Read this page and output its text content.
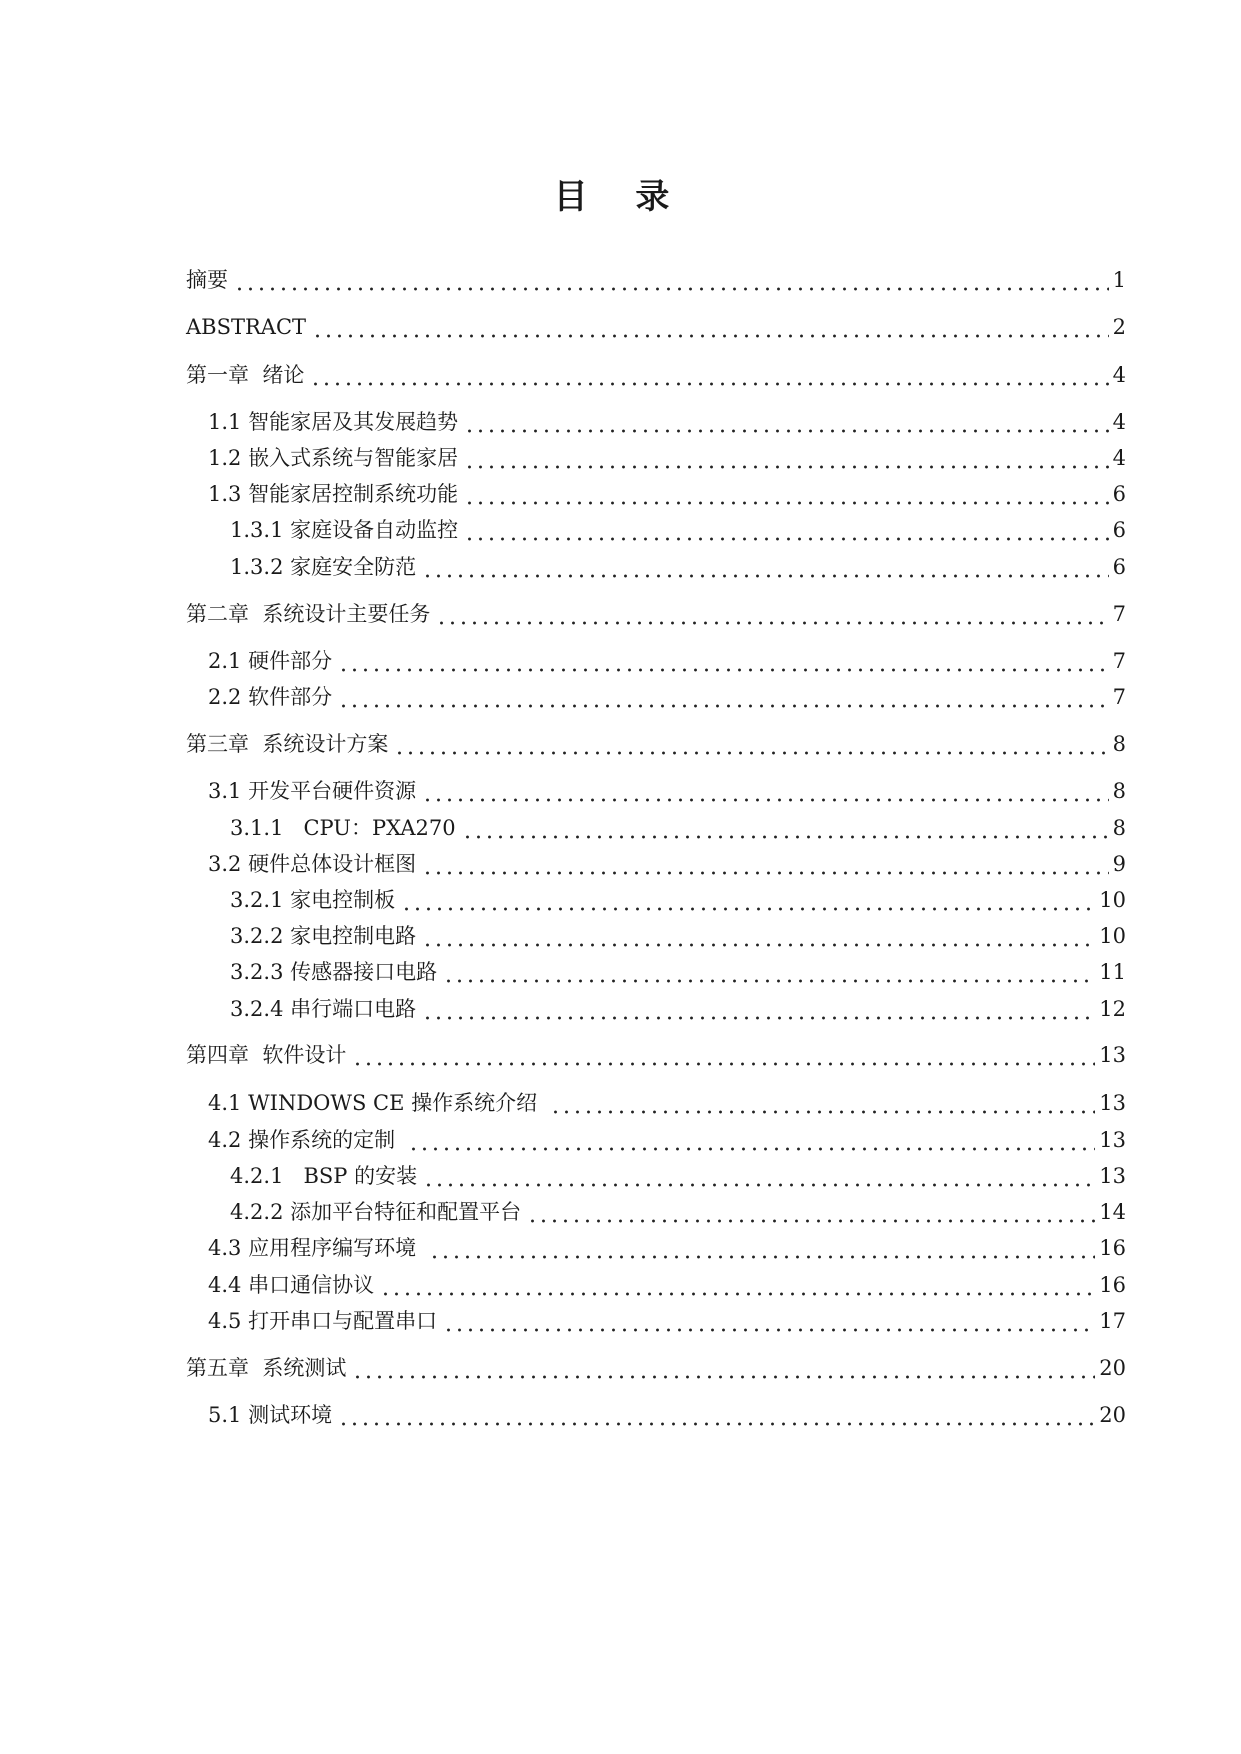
目 录
摘要	1
ABSTRACT	2
第一章  绪论	4
1.1 智能家居及其发展趋势	4
1.2 嵌入式系统与智能家居	4
1.3 智能家居控制系统功能	6
1.3.1 家庭设备自动监控	6
1.3.2 家庭安全防范	6
第二章  系统设计主要任务	7
2.1 硬件部分	7
2.2 软件部分	7
第三章  系统设计方案	8
3.1 开发平台硬件资源	8
3.1.1   CPU：PXA270	8
3.2 硬件总体设计框图	9
3.2.1 家电控制板	10
3.2.2 家电控制电路	10
3.2.3 传感器接口电路	11
3.2.4 串行端口电路	12
第四章  软件设计	13
4.1 WINDOWS CE 操作系统介绍	13
4.2 操作系统的定制	13
4.2.1   BSP 的安装	13
4.2.2 添加平台特征和配置平台	14
4.3 应用程序编写环境	16
4.4 串口通信协议	16
4.5 打开串口与配置串口	17
第五章  系统测试	20
5.1 测试环境	20
